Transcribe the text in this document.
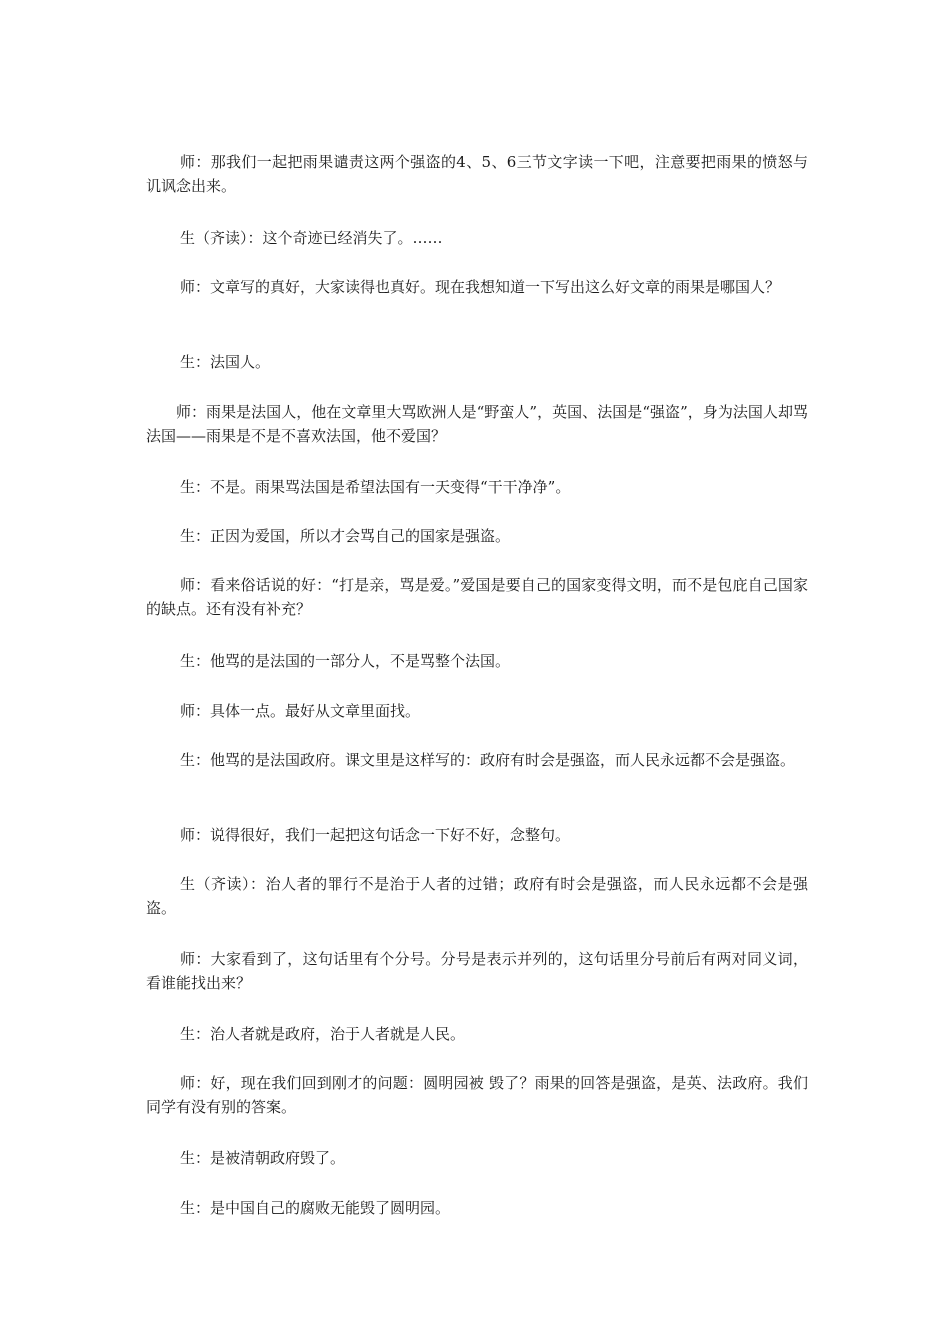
师：那我们一起把雨果谴责这两个强盗的4、5、6三节文字读一下吧，注意要把雨果的愤怒与讥讽念出来。

生（齐读）：这个奇迹已经消失了。……

师：文章写的真好，大家读得也真好。现在我想知道一下写出这么好文章的雨果是哪国人？

生：法国人。

师：雨果是法国人，他在文章里大骂欧洲人是“野蛮人”，英国、法国是“强盗”，身为法国人却骂法国——雨果是不是不喜欢法国，他不爱国？

生：不是。雨果骂法国是希望法国有一天变得“干干净净”。

生：正因为爱国，所以才会骂自己的国家是强盗。

师：看来俗话说的好：“打是亲，骂是爱。”爱国是要自己的国家变得文明，而不是包庇自己国家的缺点。还有没有补充？

生：他骂的是法国的一部分人，不是骂整个法国。

师：具体一点。最好从文章里面找。

生：他骂的是法国政府。课文里是这样写的：政府有时会是强盗，而人民永远都不会是强盗。

师：说得很好，我们一起把这句话念一下好不好，念整句。

生（齐读）：治人者的罪行不是治于人者的过错；政府有时会是强盗，而人民永远都不会是强盗。

师：大家看到了，这句话里有个分号。分号是表示并列的，这句话里分号前后有两对同义词，看谁能找出来？

生：治人者就是政府，治于人者就是人民。

师：好，现在我们回到刚才的问题：圆明园被 毁了？雨果的回答是强盗，是英、法政府。我们同学有没有别的答案。

生：是被清朝政府毁了。

生：是中国自己的腐败无能毁了圆明园。
